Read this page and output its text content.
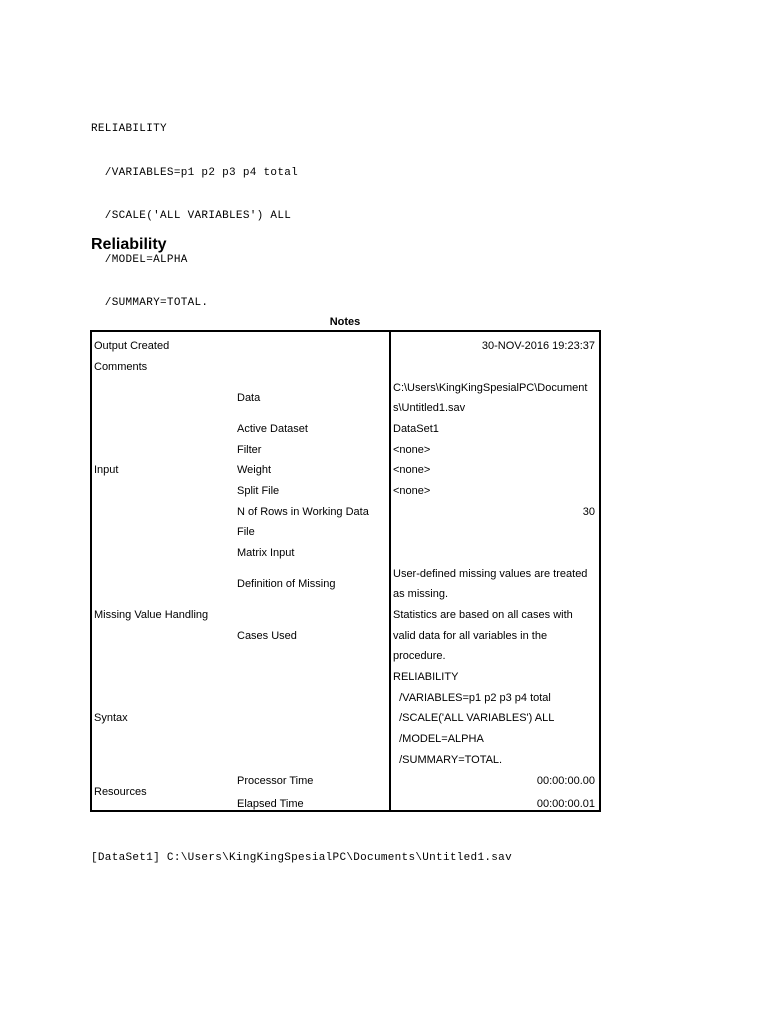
RELIABILITY

/VARIABLES=p1 p2 p3 p4 total

/SCALE('ALL VARIABLES') ALL

/MODEL=ALPHA

/SUMMARY=TOTAL.

Reliability
Notes
Output Created
Comments
Input
Missing Value Handling
Syntax
Resources
Data
Active Dataset
Filter
Weight
Split File
N of Rows in Working Data
File
Matrix Input
Definition of Missing
Cases Used
Processor Time
Elapsed Time
30-NOV-2016 19:23:37
C:\Users\KingKingSpesialPC\Document
s\Untitled1.sav
DataSet1
<none>
<none>
<none>
30
User-defined missing values are treated
as missing.
Statistics are based on all cases with
valid data for all variables in the
procedure.
RELIABILITY
/VARIABLES=p1 p2 p3 p4 total
/SCALE('ALL VARIABLES') ALL
/MODEL=ALPHA
/SUMMARY=TOTAL.
00:00:00.00
00:00:00.01
[DataSet1] C:\Users\KingKingSpesialPC\Documents\Untitled1.sav
